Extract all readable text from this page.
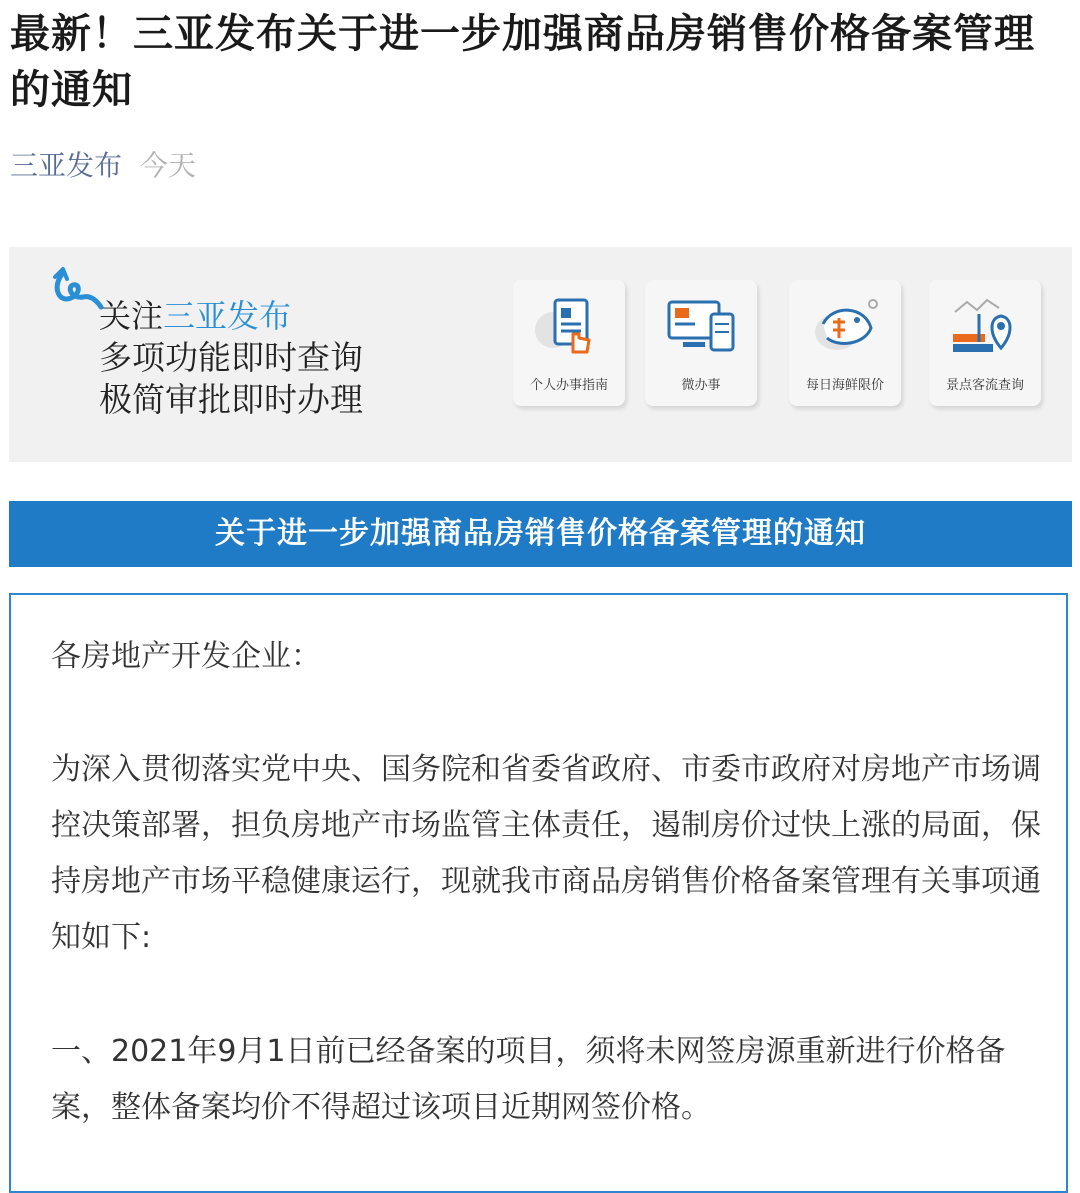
最新！三亚发布关于进一步加强商品房销售价格备案管理的通知
三亚发布 今天
关注三亚发布
多项功能即时查询
极简审批即时办理	个人办事指南	微办事	每日海鲜限价	景点客流查询
关于进一步加强商品房销售价格备案管理的通知
各房地产开发企业：
为深入贯彻落实党中央、国务院和省委省政府、市委市政府对房地产市场调控决策部署，担负房地产市场监管主体责任，遏制房价过快上涨的局面，保持房地产市场平稳健康运行，现就我市商品房销售价格备案管理有关事项通知如下:
一、2021年9月1日前已经备案的项目，须将未网签房源重新进行价格备案，整体备案均价不得超过该项目近期网签价格。
